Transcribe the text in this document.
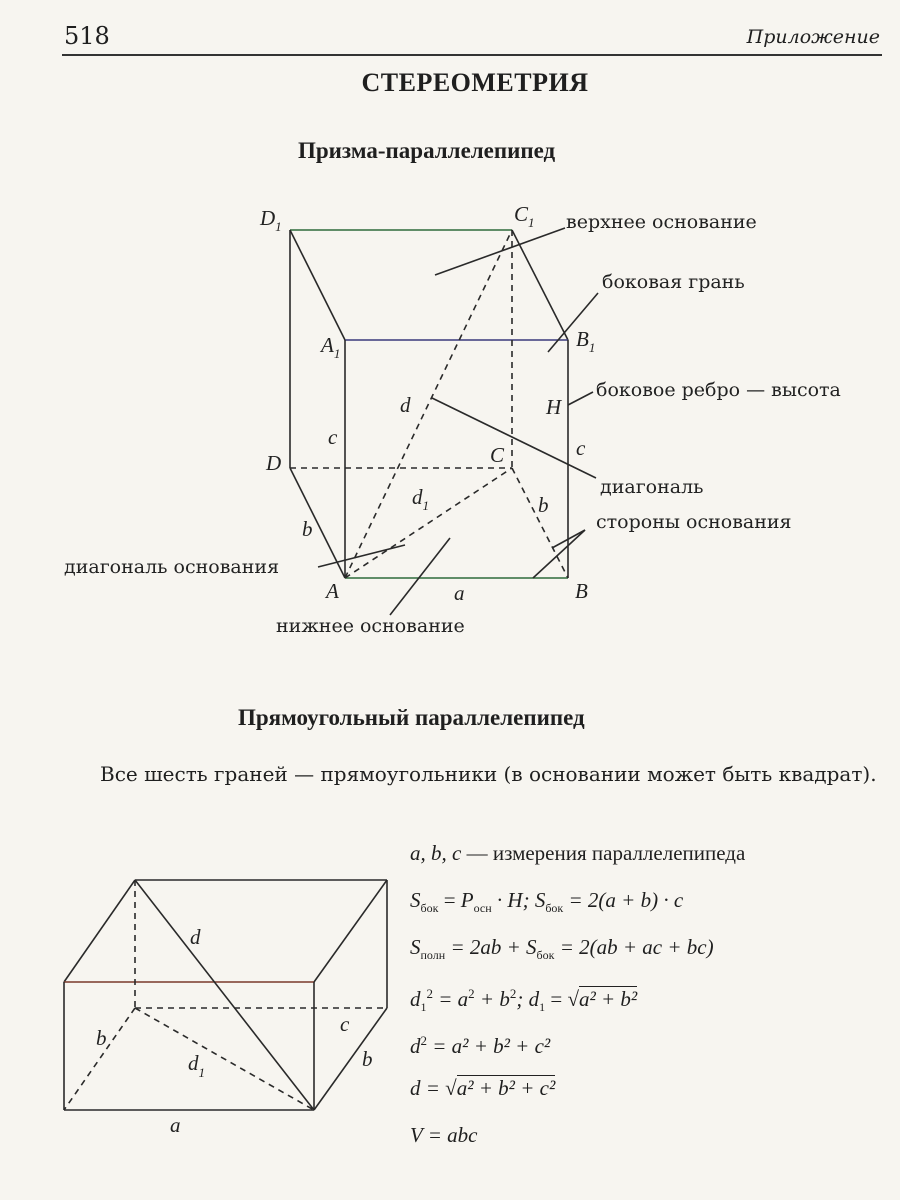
518	Приложение
СТЕРЕОМЕТРИЯ
Призма-параллелепипед
$D_1$
$C_1$
$A_1$
$B_1$
D	C
A	B
a
b
b
c	c
d
$d_1$
H
верхнее основание
боковая грань
боковое ребро — высота
диагональ
стороны основания
диагональ основания
нижнее основание
a
b
b
c
d
$d_1$
Прямоугольный параллелепипед
Все шесть граней — прямоугольники (в основании может быть квадрат).
a, b, c — измерения параллелепипеда
$S_{бок} = P_{осн} \cdot H$; $S_{бок} = 2(a + b) \cdot c$
$S_{полн} = 2ab + S_{бок} = 2(ab$ + ac + bc)
$d_1^2 = a^2 + b^2$; $d_1 = √a^2 + b^2$
$d^2 = a^2 + b^2 + c^2$
d = √a² + b² + c²
V = abc
